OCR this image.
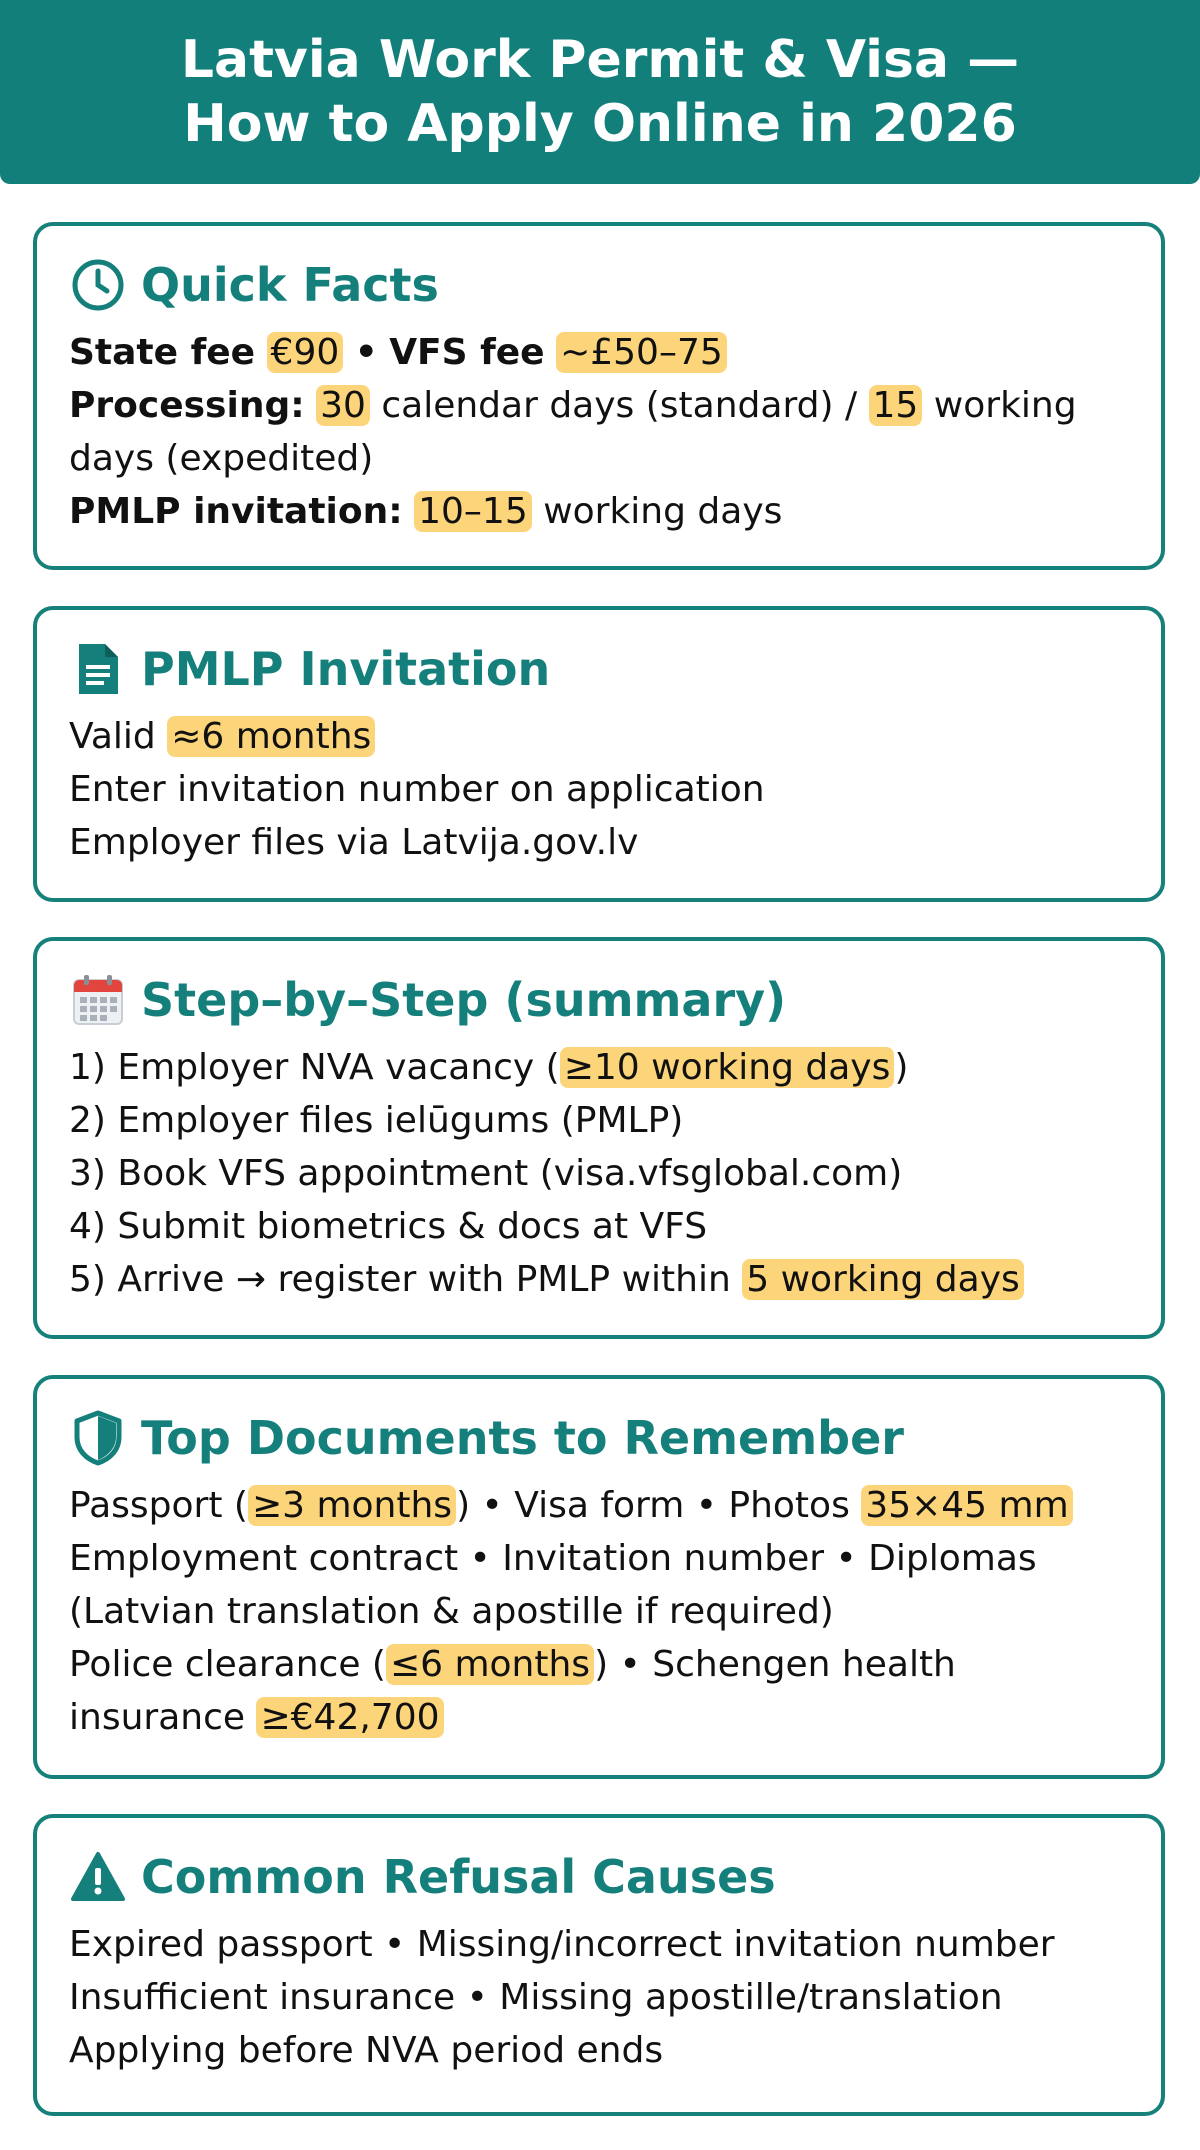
Latvia Work Permit & Visa —
How to Apply Online in 2026
Quick Facts
State fee €90 • VFS fee ~£50–75
Processing: 30 calendar days (standard) / 15 working
days (expedited)
PMLP invitation: 10–15 working days
PMLP Invitation
Valid ≈6 months
Enter invitation number on application
Employer files via Latvija.gov.lv
Step–by–Step (summary)
1) Employer NVA vacancy ( ≥10 working days )
2) Employer files ielūgums (PMLP)
3) Book VFS appointment (visa.vfsglobal.com)
4) Submit biometrics & docs at VFS
5) Arrive → register with PMLP within 5 working days
Top Documents to Remember
Passport ( ≥3 months ) • Visa form • Photos 35×45 mm
Employment contract • Invitation number • Diplomas
(Latvian translation & apostille if required)
Police clearance ( ≤6 months ) • Schengen health
insurance ≥€42,700
Common Refusal Causes
Expired passport • Missing/incorrect invitation number
Insufficient insurance • Missing apostille/translation
Applying before NVA period ends
